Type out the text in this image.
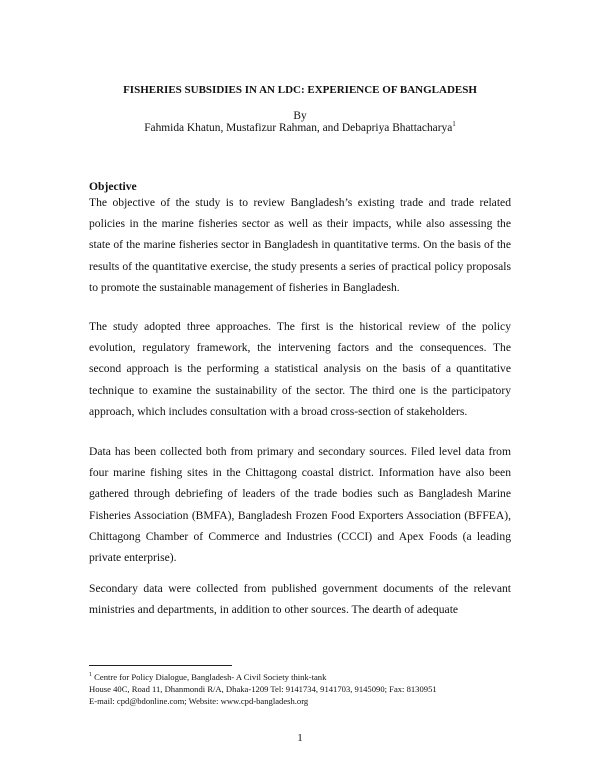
FISHERIES SUBSIDIES IN AN LDC: EXPERIENCE OF BANGLADESH
By
Fahmida Khatun, Mustafizur Rahman, and Debapriya Bhattacharya$^1$
Objective

The objective of the study is to review Bangladesh’s existing trade and trade related policies in the marine fisheries sector as well as their impacts, while also assessing the state of the marine fisheries sector in Bangladesh in quantitative terms. On the basis of the results of the quantitative exercise, the study presents a series of practical policy proposals to promote the sustainable management of fisheries in Bangladesh.

The study adopted three approaches. The first is the historical review of the policy evolution, regulatory framework, the intervening factors and the consequences. The second approach is the performing a statistical analysis on the basis of a quantitative technique to examine the sustainability of the sector. The third one is the participatory approach, which includes consultation with a broad cross-section of stakeholders.

Data has been collected both from primary and secondary sources. Filed level data from four marine fishing sites in the Chittagong coastal district. Information have also been gathered through debriefing of leaders of the trade bodies such as Bangladesh Marine Fisheries Association (BMFA), Bangladesh Frozen Food Exporters Association (BFFEA), Chittagong Chamber of Commerce and Industries (CCCI) and Apex Foods (a leading private enterprise).

Secondary data were collected from published government documents of the relevant ministries and departments, in addition to other sources. The dearth of adequate

$^1$ Centre for Policy Dialogue, Bangladesh- A Civil Society think-tank
House 40C, Road 11, Dhanmondi R/A, Dhaka-1209 Tel: 9141734, 9141703, 9145090; Fax: 8130951
E-mail: cpd@bdonline.com; Website: www.cpd-bangladesh.org
1
